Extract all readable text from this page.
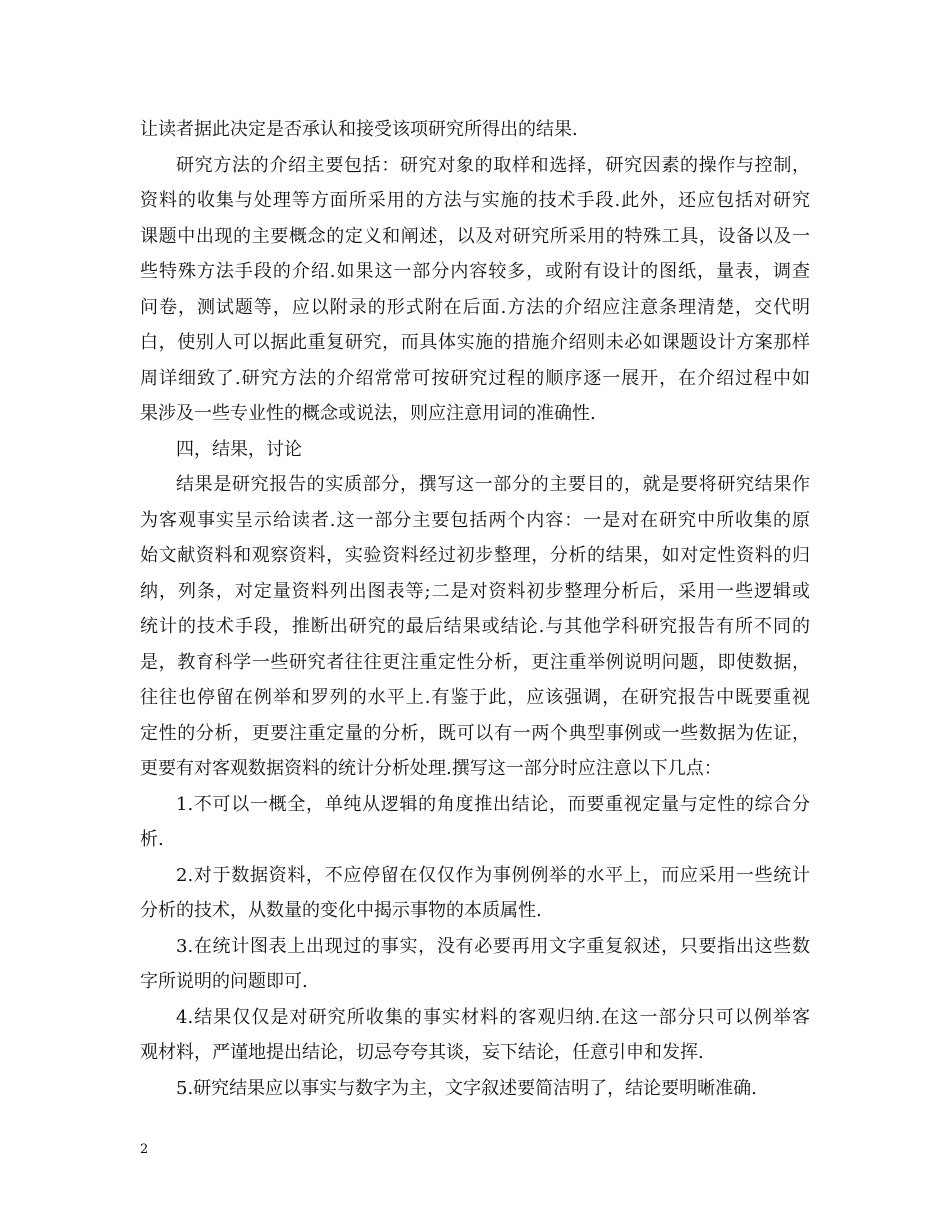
让读者据此决定是否承认和接受该项研究所得出的结果.
研究方法的介绍主要包括：研究对象的取样和选择，研究因素的操作与控制，
资料的收集与处理等方面所采用的方法与实施的技术手段.此外，还应包括对研究
课题中出现的主要概念的定义和阐述，以及对研究所采用的特殊工具，设备以及一
些特殊方法手段的介绍.如果这一部分内容较多，或附有设计的图纸，量表，调查
问卷，测试题等，应以附录的形式附在后面.方法的介绍应注意条理清楚，交代明
白，使别人可以据此重复研究，而具体实施的措施介绍则未必如课题设计方案那样
周详细致了.研究方法的介绍常常可按研究过程的顺序逐一展开，在介绍过程中如
果涉及一些专业性的概念或说法，则应注意用词的准确性.
四，结果，讨论
结果是研究报告的实质部分，撰写这一部分的主要目的，就是要将研究结果作
为客观事实呈示给读者.这一部分主要包括两个内容：一是对在研究中所收集的原
始文献资料和观察资料，实验资料经过初步整理，分析的结果，如对定性资料的归
纳，列条，对定量资料列出图表等;二是对资料初步整理分析后，采用一些逻辑或
统计的技术手段，推断出研究的最后结果或结论.与其他学科研究报告有所不同的
是，教育科学一些研究者往往更注重定性分析，更注重举例说明问题，即使数据，
往往也停留在例举和罗列的水平上.有鉴于此，应该强调，在研究报告中既要重视
定性的分析，更要注重定量的分析，既可以有一两个典型事例或一些数据为佐证，
更要有对客观数据资料的统计分析处理.撰写这一部分时应注意以下几点：
1.不可以一概全，单纯从逻辑的角度推出结论，而要重视定量与定性的综合分
析.
2.对于数据资料，不应停留在仅仅作为事例例举的水平上，而应采用一些统计
分析的技术，从数量的变化中揭示事物的本质属性.
3.在统计图表上出现过的事实，没有必要再用文字重复叙述，只要指出这些数
字所说明的问题即可.
4.结果仅仅是对研究所收集的事实材料的客观归纳.在这一部分只可以例举客
观材料，严谨地提出结论，切忌夸夸其谈，妄下结论，任意引申和发挥.
5.研究结果应以事实与数字为主，文字叙述要简洁明了，结论要明晰准确.
2
